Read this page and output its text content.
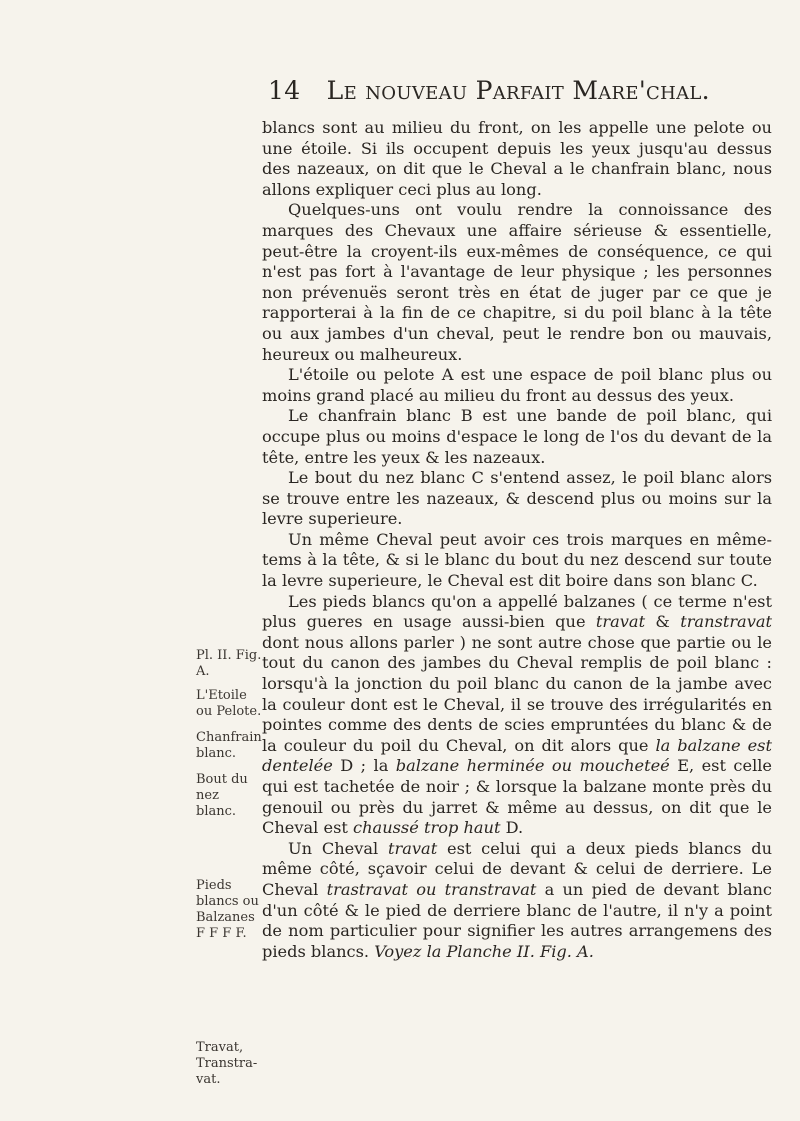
14 Le nouveau Parfait Mare'chal.
Pl. II. Fig. A.
L'Etoile ou Pelote.
Chanfrain blanc.
Bout du nez blanc.
Pieds blancs ou Balzanes F F F F.
Travat, Transtra-vat.

blancs sont au milieu du front, on les appelle une pelote ou une étoile. Si ils occupent depuis les yeux jusqu'au dessus des nazeaux, on dit que le Cheval a le chanfrain blanc, nous allons expliquer ceci plus au long.

Quelques-uns ont voulu rendre la connoissance des marques des Chevaux une affaire sérieuse & essentielle, peut-être la croyent-ils eux-mêmes de conséquence, ce qui n'est pas fort à l'avantage de leur physique ; les personnes non prévenuës seront très en état de juger par ce que je rapporterai à la fin de ce chapitre, si du poil blanc à la tête ou aux jambes d'un cheval, peut le rendre bon ou mauvais, heureux ou malheureux.

L'étoile ou pelote A est une espace de poil blanc plus ou moins grand placé au milieu du front au dessus des yeux.

Le chanfrain blanc B est une bande de poil blanc, qui occupe plus ou moins d'espace le long de l'os du devant de la tête, entre les yeux & les nazeaux.

Le bout du nez blanc C s'entend assez, le poil blanc alors se trouve entre les nazeaux, & descend plus ou moins sur la levre superieure.

Un même Cheval peut avoir ces trois marques en même-tems à la tête, & si le blanc du bout du nez descend sur toute la levre superieure, le Cheval est dit boire dans son blanc C.

Les pieds blancs qu'on a appellé balzanes ( ce terme n'est plus gueres en usage aussi-bien que travat & transtravat dont nous allons parler ) ne sont autre chose que partie ou le tout du canon des jambes du Cheval remplis de poil blanc : lorsqu'à la jonction du poil blanc du canon de la jambe avec la couleur dont est le Cheval, il se trouve des irrégularités en pointes comme des dents de scies empruntées du blanc & de la couleur du poil du Cheval, on dit alors que la balzane est dentelée D ; la balzane herminée ou moucheteé E, est celle qui est tachetée de noir ; & lorsque la balzane monte près du genouil ou près du jarret & même au dessus, on dit que le Cheval est chaussé trop haut D.

Un Cheval travat est celui qui a deux pieds blancs du même côté, sçavoir celui de devant & celui de derriere. Le Cheval trastravat ou transtravat a un pied de devant blanc d'un côté & le pied de derriere blanc de l'autre, il n'y a point de nom particulier pour signifier les autres arrangemens des pieds blancs. Voyez la Planche II. Fig. A.
